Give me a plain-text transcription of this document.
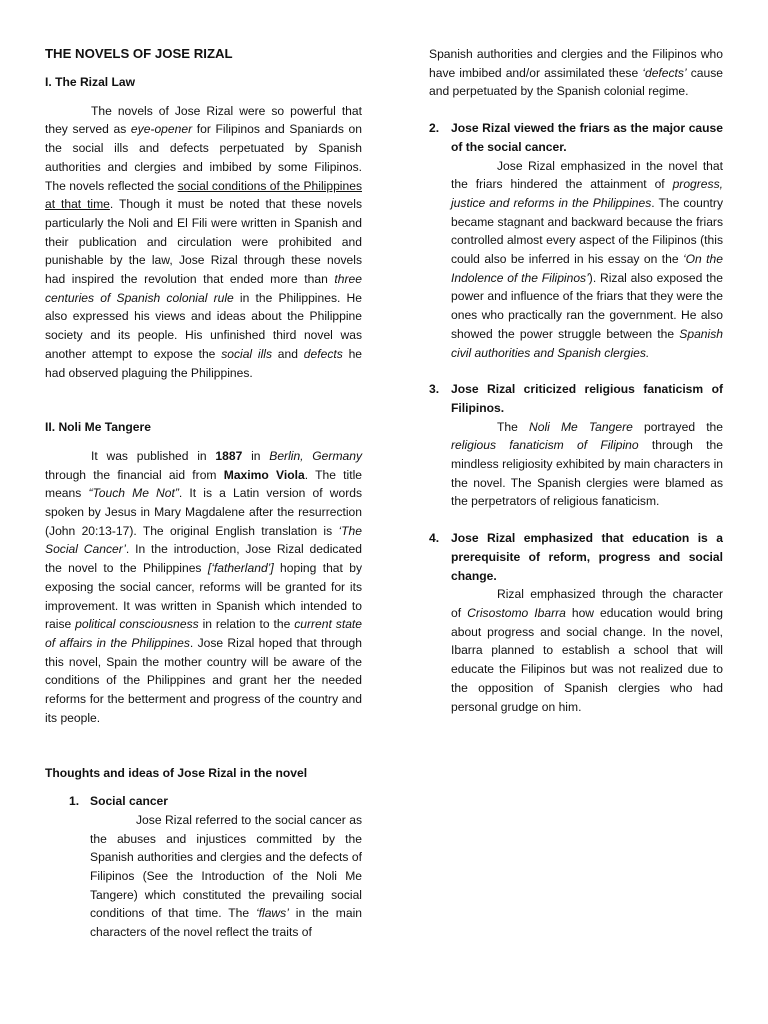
THE NOVELS OF JOSE RIZAL
I. The Rizal Law

The novels of Jose Rizal were so powerful that they served as eye-opener for Filipinos and Spaniards on the social ills and defects perpetuated by Spanish authorities and clergies and imbibed by some Filipinos. The novels reflected the social conditions of the Philippines at that time. Though it must be noted that these novels particularly the Noli and El Fili were written in Spanish and their publication and circulation were prohibited and punishable by the law, Jose Rizal through these novels had inspired the revolution that ended more than three centuries of Spanish colonial rule in the Philippines. He also expressed his views and ideas about the Philippine society and its people. His unfinished third novel was another attempt to expose the social ills and defects he had observed plaguing the Philippines.

II. Noli Me Tangere

It was published in 1887 in Berlin, Germany through the financial aid from Maximo Viola. The title means “Touch Me Not”. It is a Latin version of words spoken by Jesus in Mary Magdalene after the resurrection (John 20:13-17). The original English translation is ‘The Social Cancer’. In the introduction, Jose Rizal dedicated the novel to the Philippines [‘fatherland’] hoping that by exposing the social cancer, reforms will be granted for its improvement. It was written in Spanish which intended to raise political consciousness in relation to the current state of affairs in the Philippines. Jose Rizal hoped that through this novel, Spain the mother country will be aware of the conditions of the Philippines and grant her the needed reforms for the betterment and progress of the country and its people.

Thoughts and ideas of Jose Rizal in the novel
1. Social cancer

Jose Rizal referred to the social cancer as the abuses and injustices committed by the Spanish authorities and clergies and the defects of Filipinos (See the Introduction of the Noli Me Tangere) which constituted the prevailing social conditions of that time. The ‘flaws’ in the main characters of the novel reflect the traits of

Spanish authorities and clergies and the Filipinos who have imbibed and/or assimilated these ‘defects’ cause and perpetuated by the Spanish colonial regime.

2. Jose Rizal viewed the friars as the major cause of the social cancer.

Jose Rizal emphasized in the novel that the friars hindered the attainment of progress, justice and reforms in the Philippines. The country became stagnant and backward because the friars controlled almost every aspect of the Filipinos (this could also be inferred in his essay on the ‘On the Indolence of the Filipinos’). Rizal also exposed the power and influence of the friars that they were the ones who practically ran the government. He also showed the power struggle between the Spanish civil authorities and Spanish clergies.

3. Jose Rizal criticized religious fanaticism of Filipinos.

The Noli Me Tangere portrayed the religious fanaticism of Filipino through the mindless religiosity exhibited by main characters in the novel. The Spanish clergies were blamed as the perpetrators of religious fanaticism.

4. Jose Rizal emphasized that education is a prerequisite of reform, progress and social change.

Rizal emphasized through the character of Crisostomo Ibarra how education would bring about progress and social change. In the novel, Ibarra planned to establish a school that will educate the Filipinos but was not realized due to the opposition of Spanish clergies who had personal grudge on him.
